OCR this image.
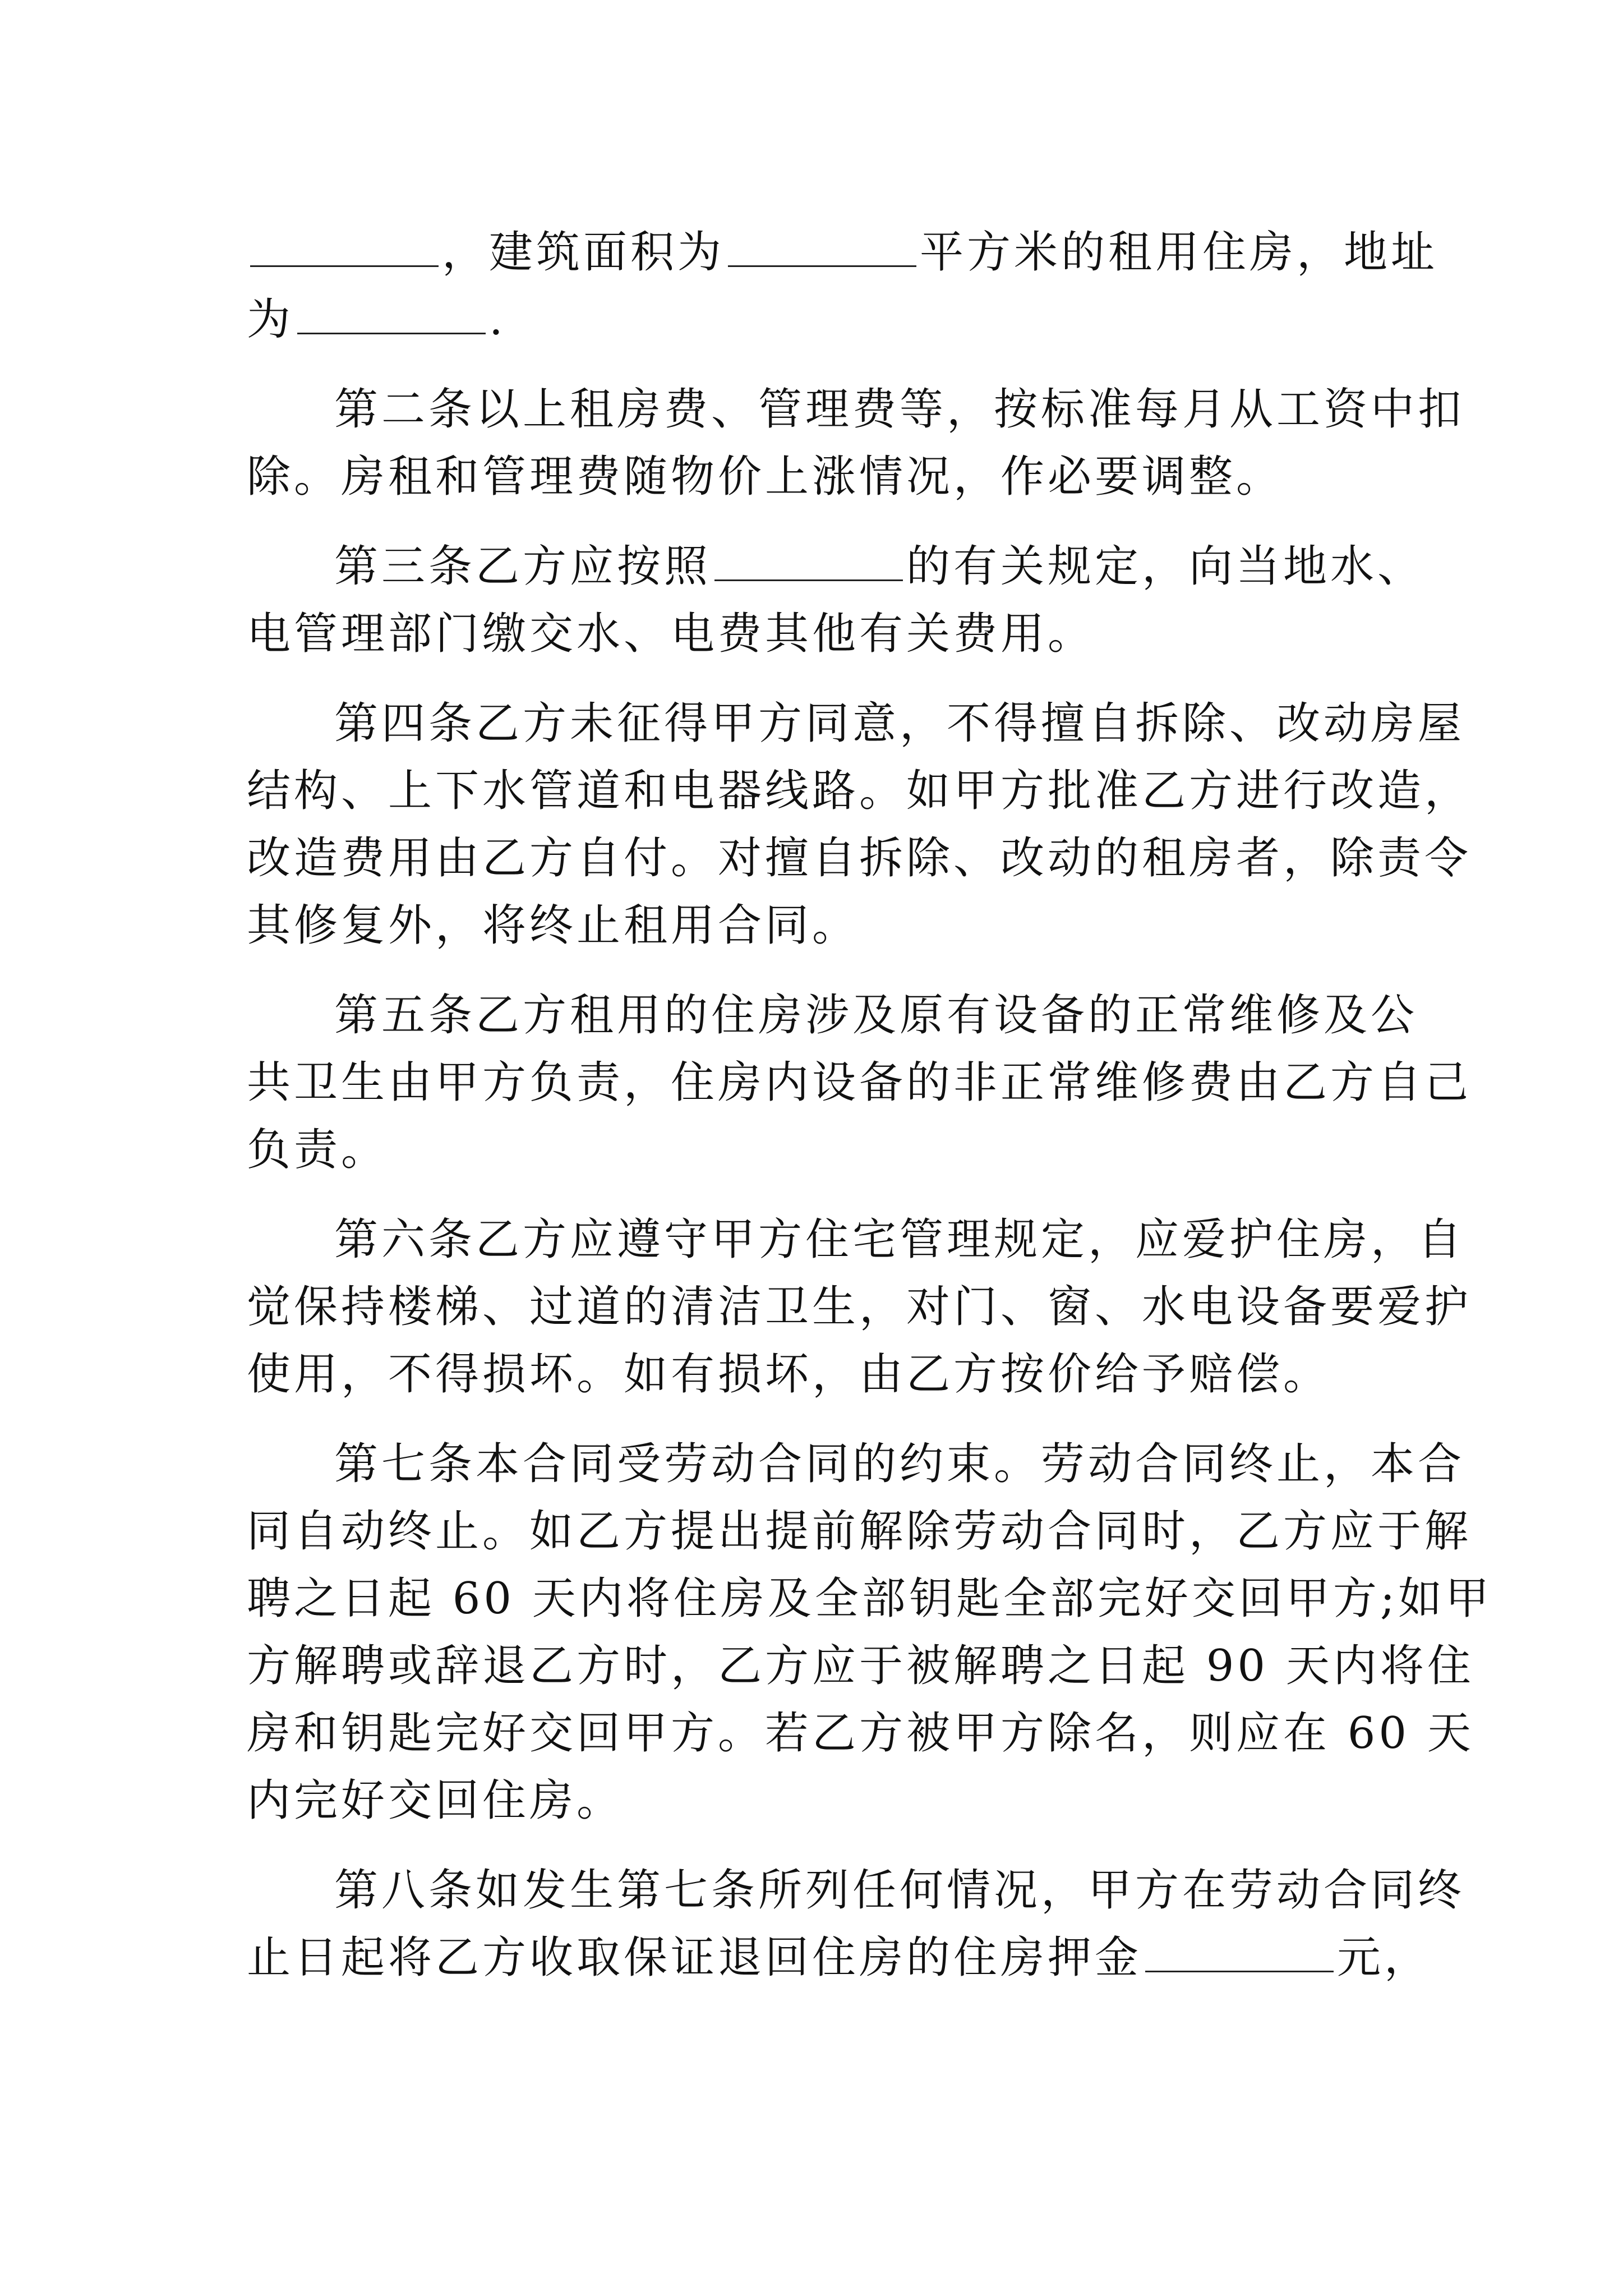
，建筑面积为	平方米的租用住房，地址
为	.
第二条以上租房费、管理费等，按标准每月从工资中扣
除。房租和管理费随物价上涨情况，作必要调整。
第三条乙方应按照	的有关规定，向当地水、
电管理部门缴交水、电费其他有关费用。
第四条乙方未征得甲方同意，不得擅自拆除、改动房屋
结构、上下水管道和电器线路。如甲方批准乙方进行改造，
改造费用由乙方自付。对擅自拆除、改动的租房者，除责令
其修复外，将终止租用合同。
第五条乙方租用的住房涉及原有设备的正常维修及公
共卫生由甲方负责，住房内设备的非正常维修费由乙方自己
负责。
第六条乙方应遵守甲方住宅管理规定，应爱护住房，自
觉保持楼梯、过道的清洁卫生，对门、窗、水电设备要爱护
使用，不得损坏。如有损坏，由乙方按价给予赔偿。
第七条本合同受劳动合同的约束。劳动合同终止，本合
同自动终止。如乙方提出提前解除劳动合同时，乙方应于解
聘之日起 60 天内将住房及全部钥匙全部完好交回甲方;如甲
方解聘或辞退乙方时，乙方应于被解聘之日起 90 天内将住
房和钥匙完好交回甲方。若乙方被甲方除名，则应在 60 天
内完好交回住房。
第八条如发生第七条所列任何情况，甲方在劳动合同终
止日起将乙方收取保证退回住房的住房押金	元，
